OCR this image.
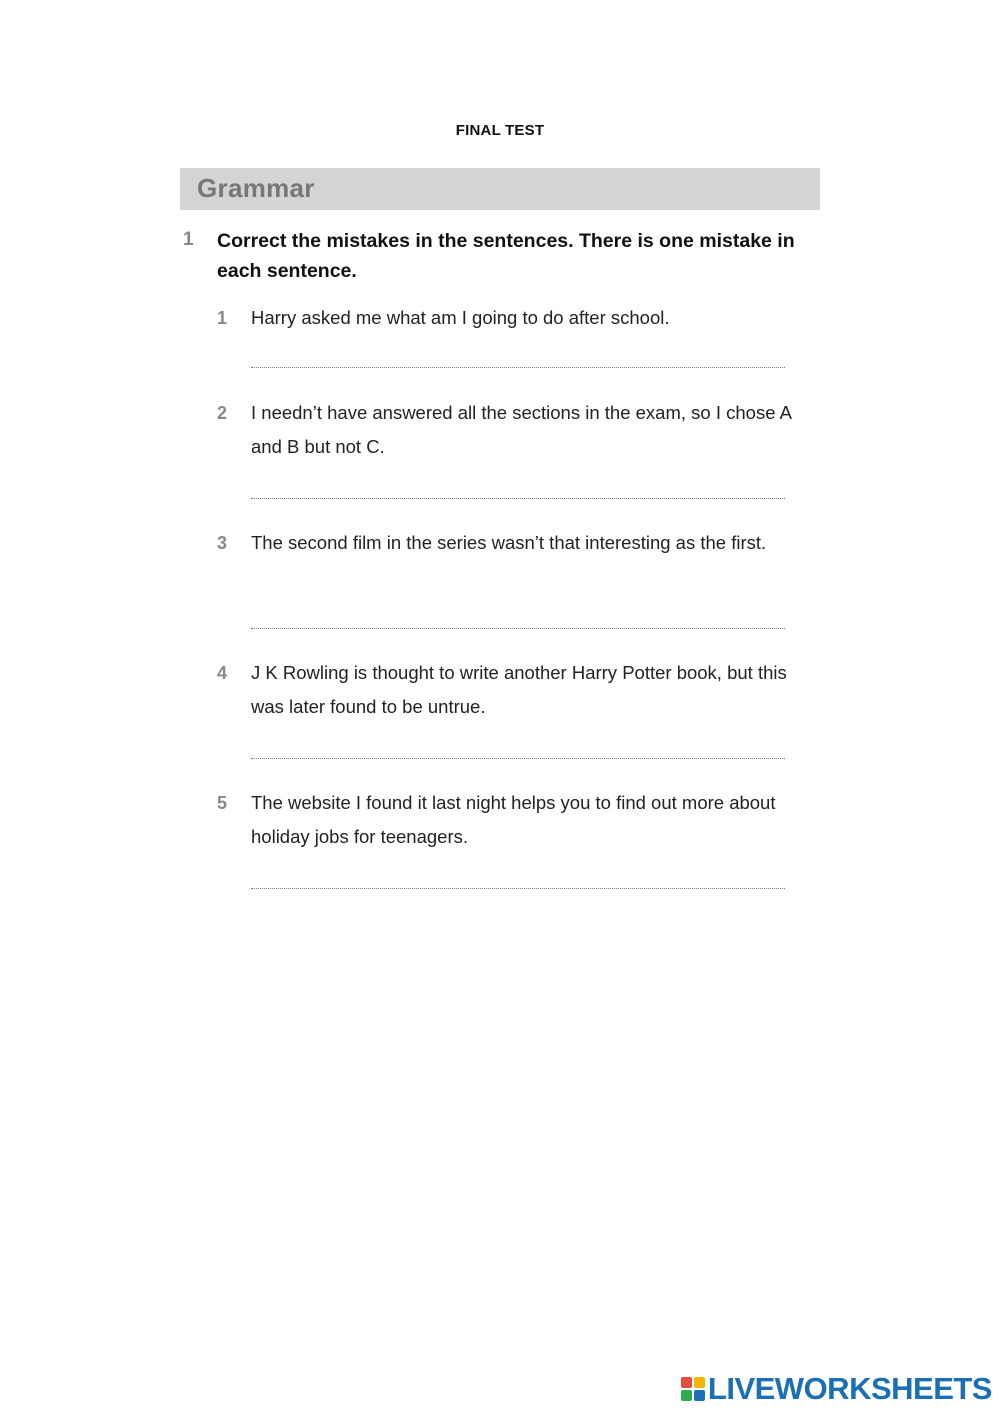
FINAL TEST
Grammar
1 Correct the mistakes in the sentences. There is one mistake in each sentence.
1 Harry asked me what am I going to do after school.
2 I needn’t have answered all the sections in the exam, so I chose A and B but not C.
3 The second film in the series wasn’t that interesting as the first.
4 J K Rowling is thought to write another Harry Potter book, but this was later found to be untrue.
5 The website I found it last night helps you to find out more about holiday jobs for teenagers.
LIVEWORKSHEETS
